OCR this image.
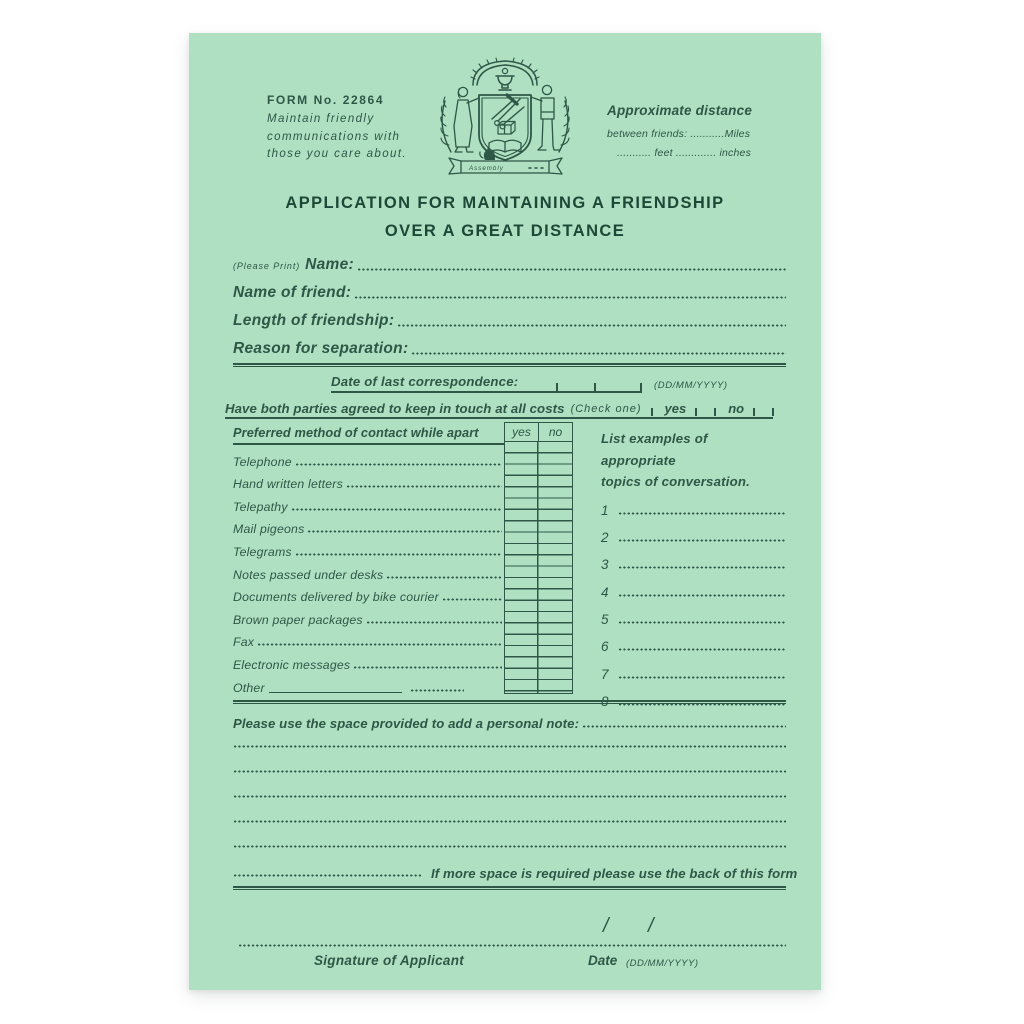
FORM No. 22864
Maintain friendly
communications with
those you care about.
Assembly
Approximate distance
between friends: ...........Miles
........... feet ............. inches
APPLICATION FOR MAINTAINING A FRIENDSHIP
OVER A GREAT DISTANCE
(Please Print) Name:
Name of friend:
Length of friendship:
Reason for separation:
Date of last correspondence:	(DD/MM/YYYY)
Have both parties agreed to keep in touch at all costs (Check one) yes	no
Preferred method of contact while apart	yes	no
Telephone
Hand written letters
Telepathy
Mail pigeons
Telegrams
Notes passed under desks
Documents delivered by bike courier
Brown paper packages
Fax
Electronic messages
Other
List examples of appropriate
topics of conversation.
1
2
3
4
5
6
7
8
Please use the space provided to add a personal note:
If more space is required please use the back of this form
/ /
Signature of Applicant	Date (DD/MM/YYYY)
